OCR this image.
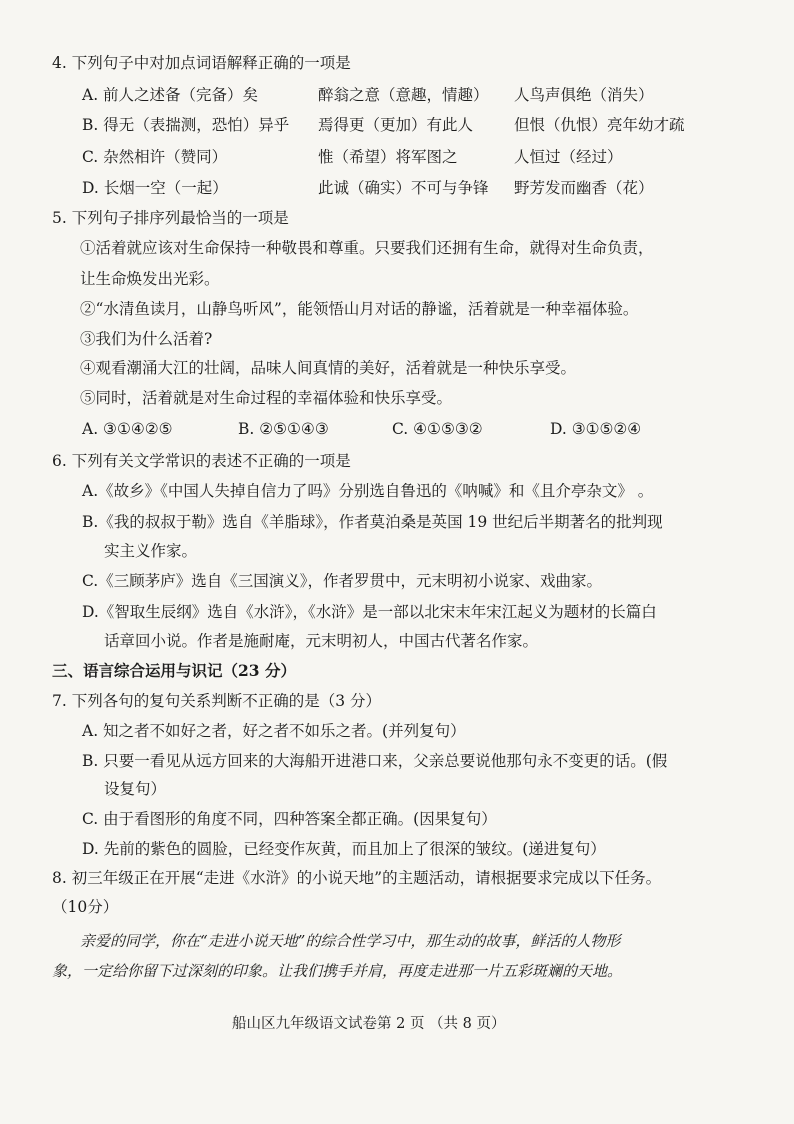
4. 下列句子中对加点词语解释正确的一项是
A. 前人之述备（完备）矣	醉翁之意（意趣，情趣） 人鸟声俱绝（消失）
B. 得无（表揣测，恐怕）异乎 焉得更（更加）有此人	但恨（仇恨）亮年幼才疏
C. 杂然相许（赞同）	惟（希望）将军图之	人恒过（经过）
D. 长烟一空（一起）	此诚（确实）不可与争锋 野芳发而幽香（花）
5. 下列句子排序列最恰当的一项是
①活着就应该对生命保持一种敬畏和尊重。只要我们还拥有生命，就得对生命负责，
让生命焕发出光彩。
②“水清鱼读月，山静鸟听风”，能领悟山月对话的静谧，活着就是一种幸福体验。
③我们为什么活着?
④观看潮涌大江的壮阔，品味人间真情的美好，活着就是一种快乐享受。
⑤同时，活着就是对生命过程的幸福体验和快乐享受。
A. ③①④②⑤	B. ②⑤①④③	C. ④①⑤③②	D. ③①⑤②④
6. 下列有关文学常识的表述不正确的一项是
A.《故乡》《中国人失掉自信力了吗》分别选自鲁迅的《呐喊》和《且介亭杂文》 。
B.《我的叔叔于勒》选自《羊脂球》，作者莫泊桑是英国 19 世纪后半期著名的批判现
实主义作家。
C.《三顾茅庐》选自《三国演义》，作者罗贯中，元末明初小说家、戏曲家。
D.《智取生辰纲》选自《水浒》，《水浒》是一部以北宋末年宋江起义为题材的长篇白
话章回小说。作者是施耐庵，元末明初人，中国古代著名作家。
三、语言综合运用与识记（23 分）
7. 下列各句的复句关系判断不正确的是（3 分）
A. 知之者不如好之者，好之者不如乐之者。(并列复句）
B. 只要一看见从远方回来的大海船开进港口来，父亲总要说他那句永不变更的话。(假
设复句）
C. 由于看图形的角度不同，四种答案全都正确。(因果复句）
D. 先前的紫色的圆脸，已经变作灰黄，而且加上了很深的皱纹。(递进复句）
8. 初三年级正在开展“走进《水浒》的小说天地”的主题活动，请根据要求完成以下任务。
（10分）
亲爱的同学，你在“走进小说天地”的综合性学习中，那生动的故事，鲜活的人物形
象，一定给你留下过深刻的印象。让我们携手并肩，再度走进那一片五彩斑斓的天地。
船山区九年级语文试卷第 2 页 （共 8 页）
